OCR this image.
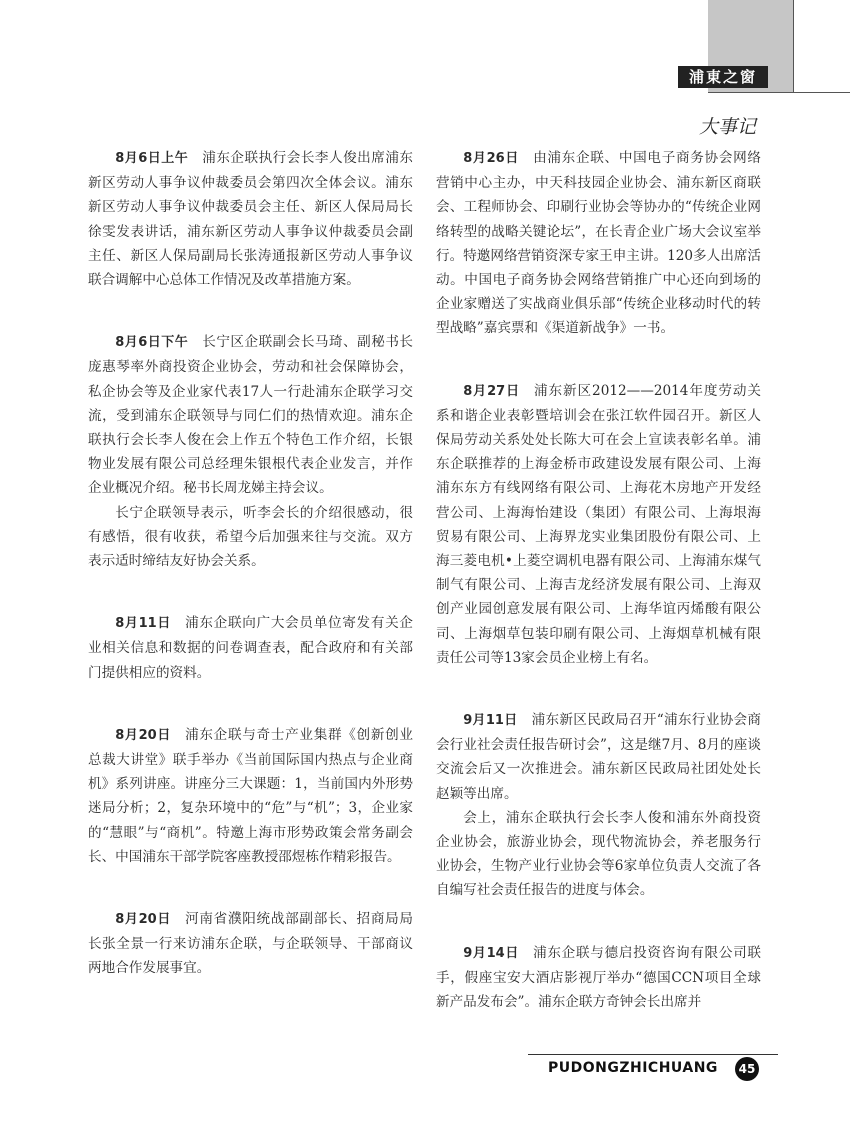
浦東之窗
大事记

8月6日上午 浦东企联执行会长李人俊出席浦东新区劳动人事争议仲裁委员会第四次全体会议。浦东新区劳动人事争议仲裁委员会主任、新区人保局局长徐雯发表讲话，浦东新区劳动人事争议仲裁委员会副主任、新区人保局副局长张涛通报新区劳动人事争议联合调解中心总体工作情况及改革措施方案。

8月6日下午 长宁区企联副会长马琦、副秘书长庞惠琴率外商投资企业协会，劳动和社会保障协会，私企协会等及企业家代表17人一行赴浦东企联学习交流，受到浦东企联领导与同仁们的热情欢迎。浦东企联执行会长李人俊在会上作五个特色工作介绍，长银物业发展有限公司总经理朱银根代表企业发言，并作企业概况介绍。秘书长周龙娣主持会议。

长宁企联领导表示，听李会长的介绍很感动，很有感悟，很有收获，希望今后加强来往与交流。双方表示适时缔结友好协会关系。

8月11日 浦东企联向广大会员单位寄发有关企业相关信息和数据的问卷调查表，配合政府和有关部门提供相应的资料。

8月20日 浦东企联与奇士产业集群《创新创业总裁大讲堂》联手举办《当前国际国内热点与企业商机》系列讲座。讲座分三大课题：1，当前国内外形势迷局分析；2，复杂环境中的“危”与“机”；3，企业家的“慧眼”与“商机”。特邀上海市形势政策会常务副会长、中国浦东干部学院客座教授邵煜栋作精彩报告。

8月20日 河南省濮阳统战部副部长、招商局局长张全景一行来访浦东企联，与企联领导、干部商议两地合作发展事宜。

8月26日 由浦东企联、中国电子商务协会网络营销中心主办，中天科技园企业协会、浦东新区商联会、工程师协会、印刷行业协会等协办的“传统企业网络转型的战略关键论坛”，在长青企业广场大会议室举行。特邀网络营销资深专家王申主讲。120多人出席活动。中国电子商务协会网络营销推广中心还向到场的企业家赠送了实战商业俱乐部“传统企业移动时代的转型战略”嘉宾票和《渠道新战争》一书。

8月27日 浦东新区2012——2014年度劳动关系和谐企业表彰暨培训会在张江软件园召开。新区人保局劳动关系处处长陈大可在会上宣读表彰名单。浦东企联推荐的上海金桥市政建设发展有限公司、上海浦东东方有线网络有限公司、上海花木房地产开发经营公司、上海海怡建设（集团）有限公司、上海垠海贸易有限公司、上海界龙实业集团股份有限公司、上海三菱电机•上菱空调机电器有限公司、上海浦东煤气制气有限公司、上海吉龙经济发展有限公司、上海双创产业园创意发展有限公司、上海华谊丙烯酸有限公司、上海烟草包装印刷有限公司、上海烟草机械有限责任公司等13家会员企业榜上有名。

9月11日 浦东新区民政局召开“浦东行业协会商会行业社会责任报告研讨会”，这是继7月、8月的座谈交流会后又一次推进会。浦东新区民政局社团处处长赵颖等出席。

会上，浦东企联执行会长李人俊和浦东外商投资企业协会，旅游业协会，现代物流协会，养老服务行业协会，生物产业行业协会等6家单位负责人交流了各自编写社会责任报告的进度与体会。

9月14日 浦东企联与德启投资咨询有限公司联手，假座宝安大酒店影视厅举办“德国CCN项目全球新产品发布会”。浦东企联方奇钟会长出席并

PUDONGZHICHUANG	45
